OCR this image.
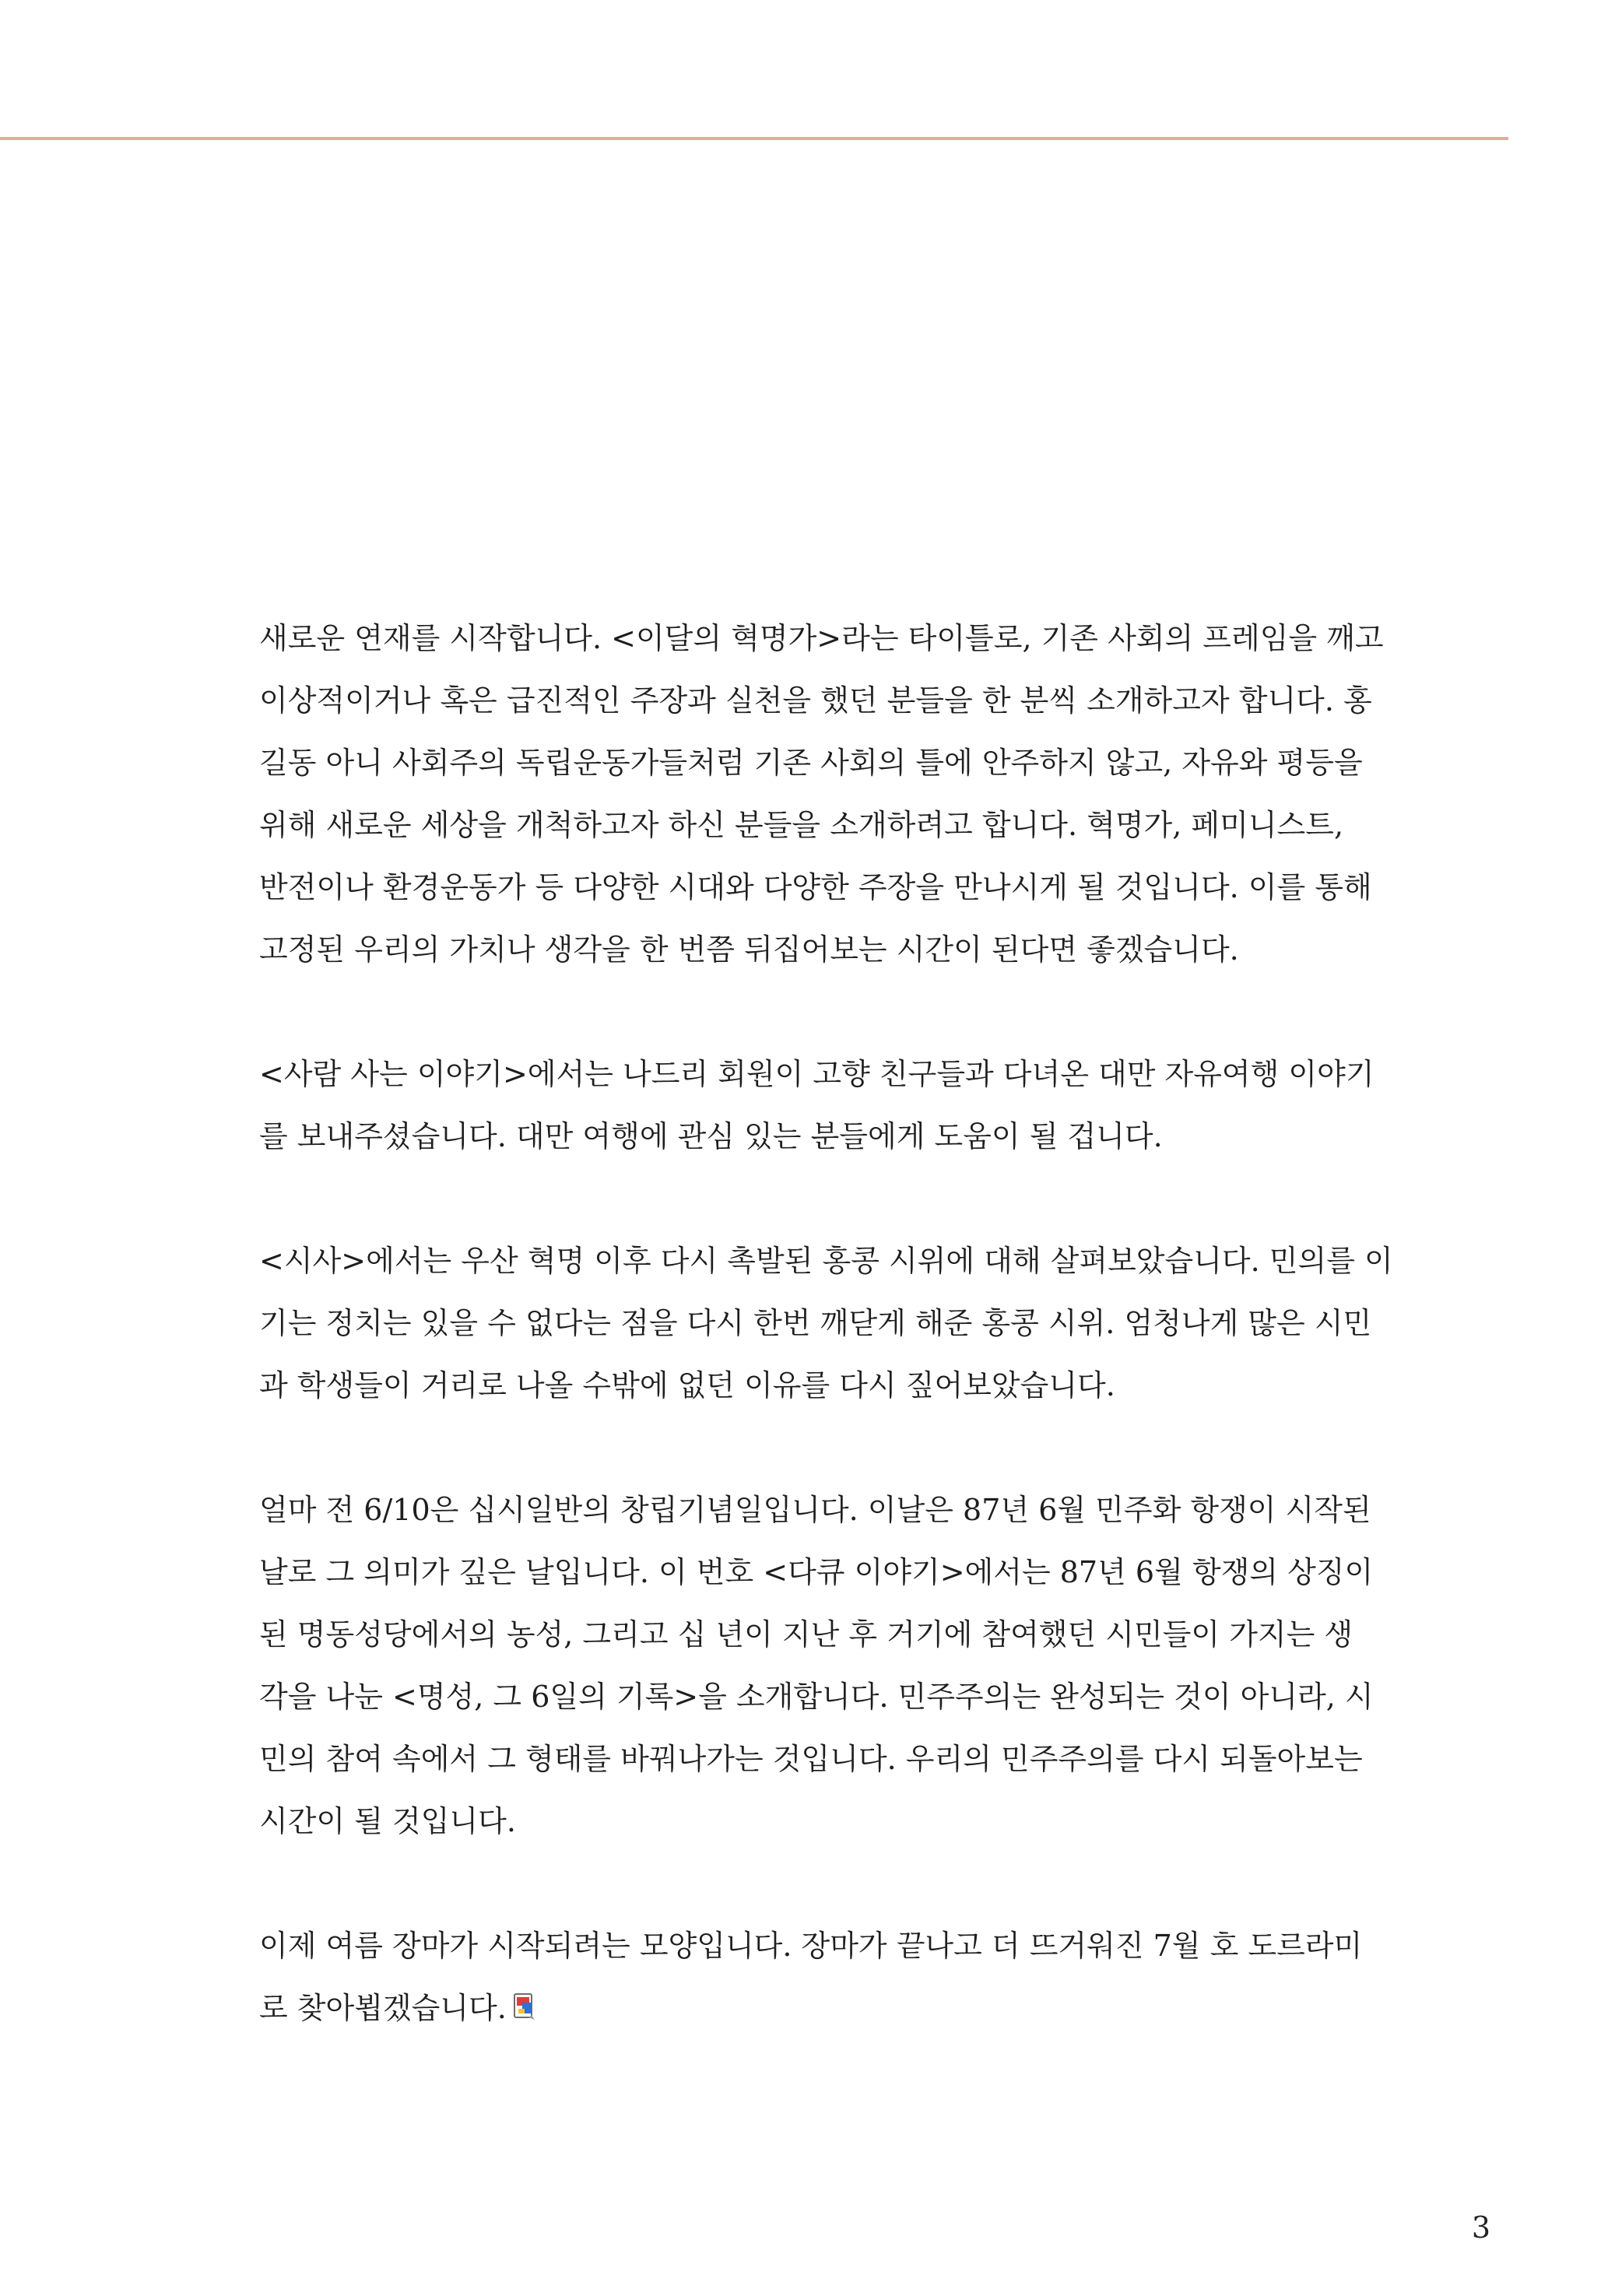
새로운 연재를 시작합니다. <이달의 혁명가>라는 타이틀로, 기존 사회의 프레임을 깨고
이상적이거나 혹은 급진적인 주장과 실천을 했던 분들을 한 분씩 소개하고자 합니다. 홍
길동 아니 사회주의 독립운동가들처럼 기존 사회의 틀에 안주하지 않고, 자유와 평등을
위해 새로운 세상을 개척하고자 하신 분들을 소개하려고 합니다. 혁명가, 페미니스트,
반전이나 환경운동가 등 다양한 시대와 다양한 주장을 만나시게 될 것입니다. 이를 통해
고정된 우리의 가치나 생각을 한 번쯤 뒤집어보는 시간이 된다면 좋겠습니다.

<사람 사는 이야기>에서는 나드리 회원이 고향 친구들과 다녀온 대만 자유여행 이야기
를 보내주셨습니다. 대만 여행에 관심 있는 분들에게 도움이 될 겁니다.

<시사>에서는 우산 혁명 이후 다시 촉발된 홍콩 시위에 대해 살펴보았습니다. 민의를 이
기는 정치는 있을 수 없다는 점을 다시 한번 깨닫게 해준 홍콩 시위. 엄청나게 많은 시민
과 학생들이 거리로 나올 수밖에 없던 이유를 다시 짚어보았습니다.

얼마 전 6/10은 십시일반의 창립기념일입니다. 이날은 87년 6월 민주화 항쟁이 시작된
날로 그 의미가 깊은 날입니다. 이 번호 <다큐 이야기>에서는 87년 6월 항쟁의 상징이
된 명동성당에서의 농성, 그리고 십 년이 지난 후 거기에 참여했던 시민들이 가지는 생
각을 나눈 <명성, 그 6일의 기록>을 소개합니다. 민주주의는 완성되는 것이 아니라, 시
민의 참여 속에서 그 형태를 바꿔나가는 것입니다. 우리의 민주주의를 다시 되돌아보는
시간이 될 것입니다.

이제 여름 장마가 시작되려는 모양입니다. 장마가 끝나고 더 뜨거워진 7월 호 도르라미
로 찾아뵙겠습니다.

3
